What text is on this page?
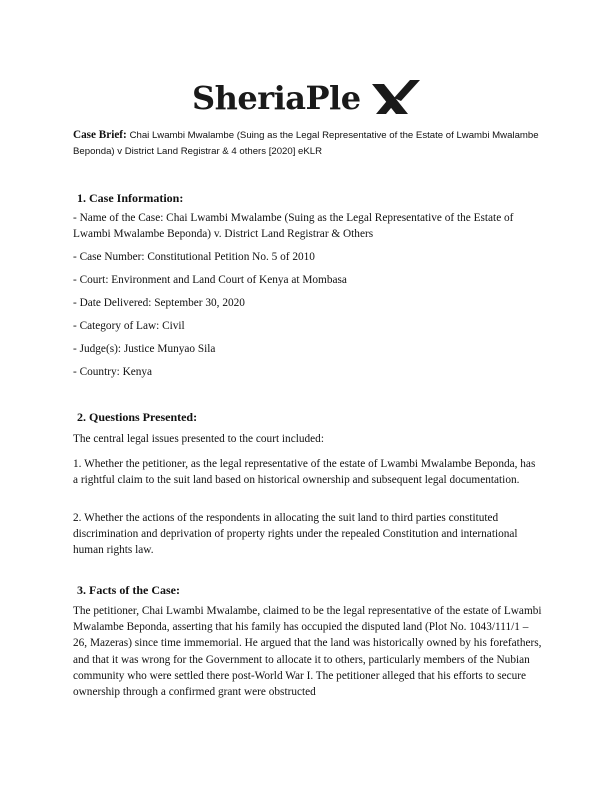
SheriaPle
Case Brief: Chai Lwambi Mwalambe (Suing as the Legal Representative of the Estate of Lwambi Mwalambe Beponda) v District Land Registrar & 4 others [2020] eKLR
1. Case Information:
- Name of the Case: Chai Lwambi Mwalambe (Suing as the Legal Representative of the Estate of Lwambi Mwalambe Beponda) v. District Land Registrar & Others
- Case Number: Constitutional Petition No. 5 of 2010
- Court: Environment and Land Court of Kenya at Mombasa
- Date Delivered: September 30, 2020
- Category of Law: Civil
- Judge(s): Justice Munyao Sila
- Country: Kenya
2. Questions Presented:
The central legal issues presented to the court included:
1. Whether the petitioner, as the legal representative of the estate of Lwambi Mwalambe Beponda, has a rightful claim to the suit land based on historical ownership and subsequent legal documentation.
2. Whether the actions of the respondents in allocating the suit land to third parties constituted discrimination and deprivation of property rights under the repealed Constitution and international human rights law.
3. Facts of the Case:
The petitioner, Chai Lwambi Mwalambe, claimed to be the legal representative of the estate of Lwambi Mwalambe Beponda, asserting that his family has occupied the disputed land (Plot No. 1043/111/1 – 26, Mazeras) since time immemorial. He argued that the land was historically owned by his forefathers, and that it was wrong for the Government to allocate it to others, particularly members of the Nubian community who were settled there post-World War I. The petitioner alleged that his efforts to secure ownership through a confirmed grant were obstructed
